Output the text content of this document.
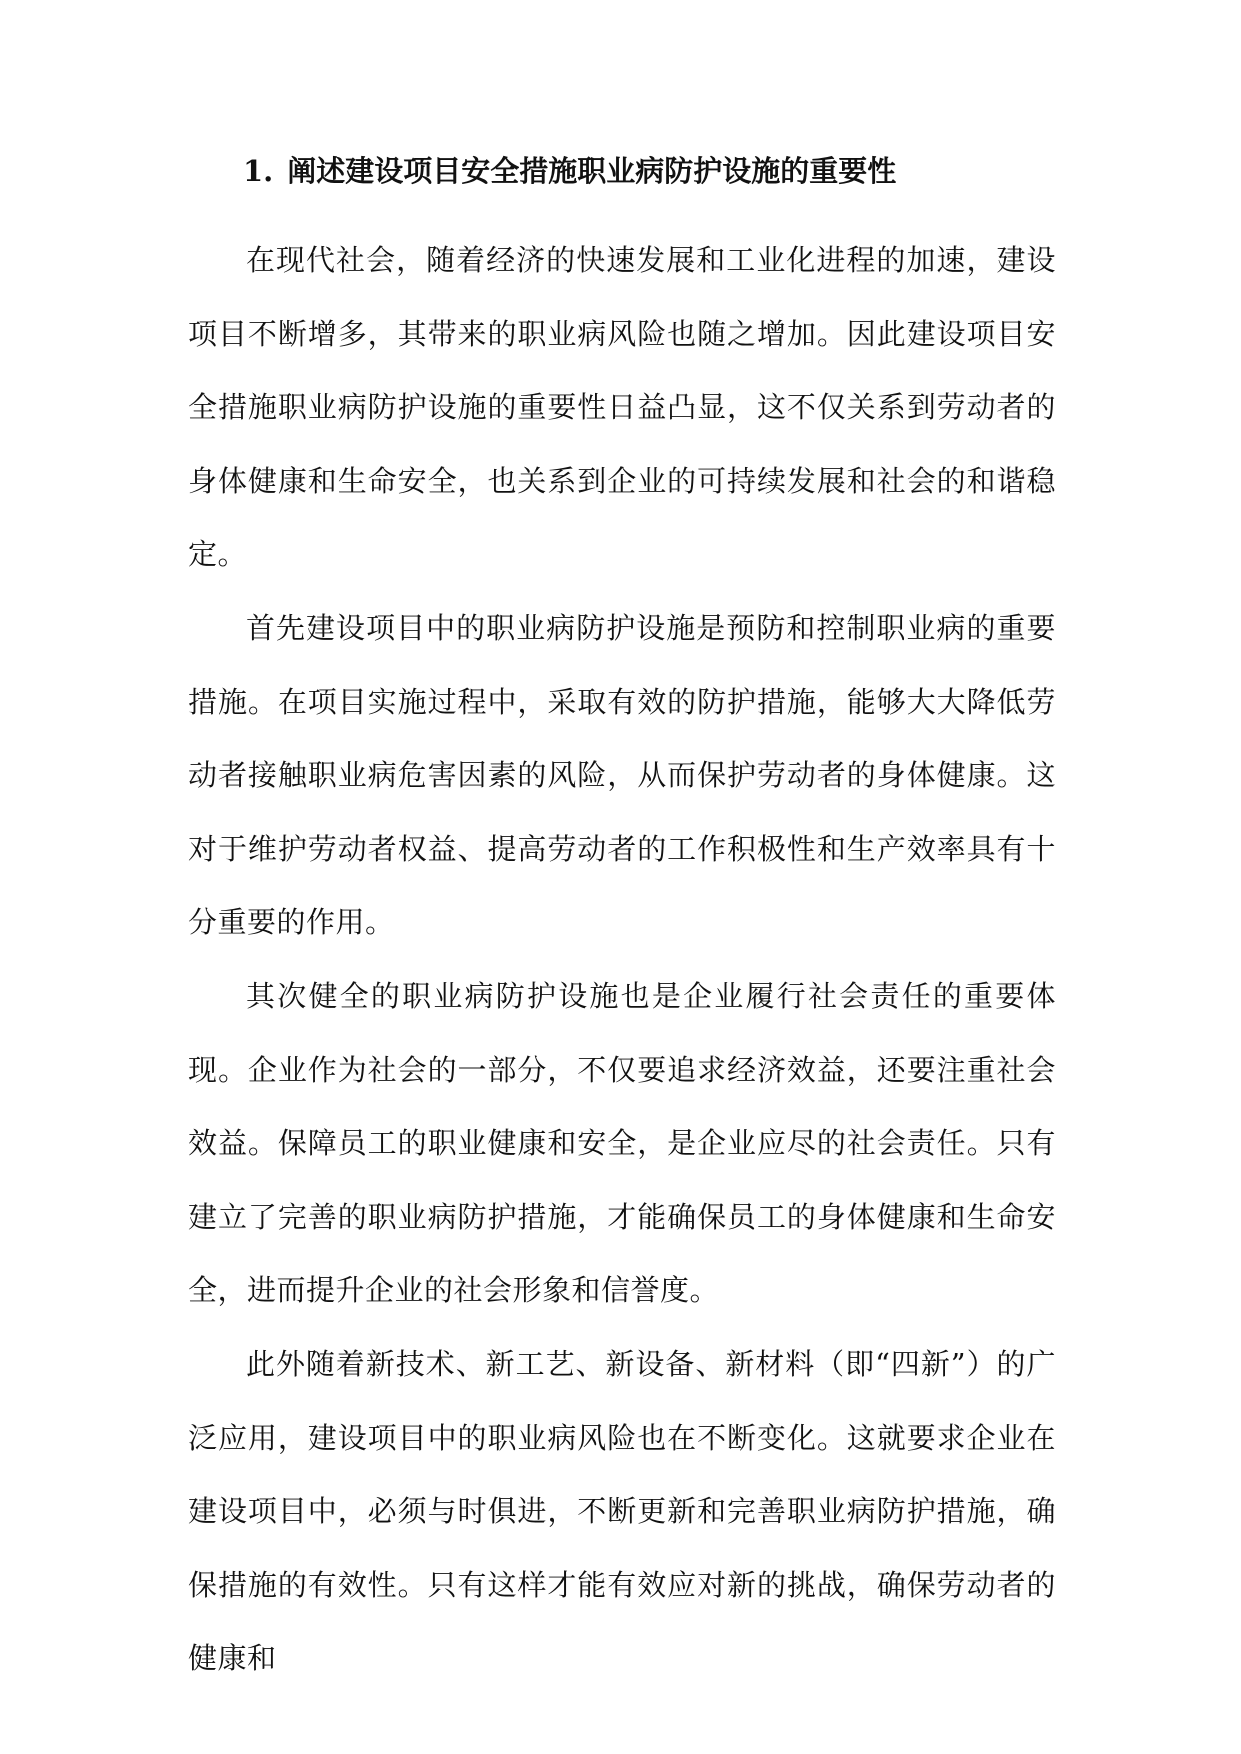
1. 阐述建设项目安全措施职业病防护设施的重要性

在现代社会，随着经济的快速发展和工业化进程的加速，建设项目不断增多，其带来的职业病风险也随之增加。因此建设项目安全措施职业病防护设施的重要性日益凸显，这不仅关系到劳动者的身体健康和生命安全，也关系到企业的可持续发展和社会的和谐稳定。

首先建设项目中的职业病防护设施是预防和控制职业病的重要措施。在项目实施过程中，采取有效的防护措施，能够大大降低劳动者接触职业病危害因素的风险，从而保护劳动者的身体健康。这对于维护劳动者权益、提高劳动者的工作积极性和生产效率具有十分重要的作用。

其次健全的职业病防护设施也是企业履行社会责任的重要体现。企业作为社会的一部分，不仅要追求经济效益，还要注重社会效益。保障员工的职业健康和安全，是企业应尽的社会责任。只有建立了完善的职业病防护措施，才能确保员工的身体健康和生命安全，进而提升企业的社会形象和信誉度。

此外随着新技术、新工艺、新设备、新材料（即“四新”）的广泛应用，建设项目中的职业病风险也在不断变化。这就要求企业在建设项目中，必须与时俱进，不断更新和完善职业病防护措施，确保措施的有效性。只有这样才能有效应对新的挑战，确保劳动者的健康和
